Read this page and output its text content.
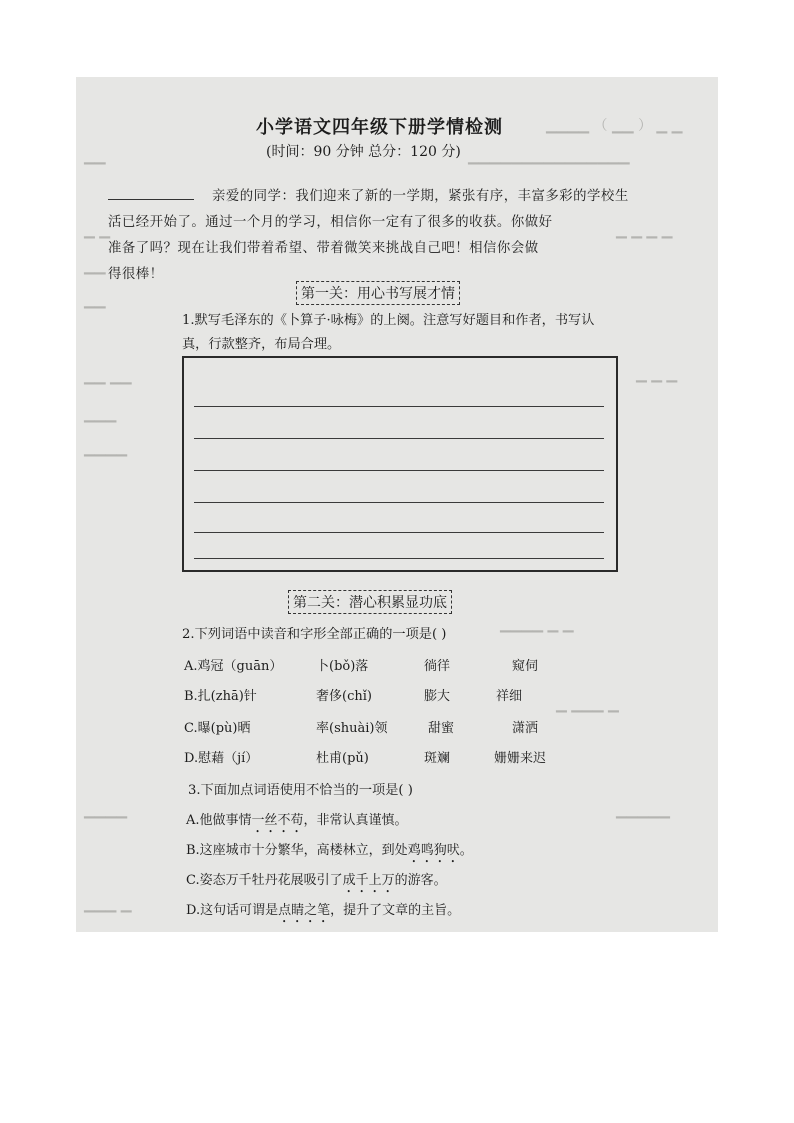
▁▁▁▁ （ ▁▁ ） ▁ ▁
▁▁▁▁▁▁▁▁▁▁▁▁▁▁▁
▁▁
▁ ▁
▁▁
▁▁
▁ ▁ ▁ ▁
▁▁ ▁▁	▁ ▁ ▁
▁▁▁
▁▁▁▁
▁▁▁▁ ▁ ▁
▁ ▁▁▁ ▁
▁▁▁▁	▁▁▁▁▁
▁▁▁ ▁
小学语文四年级下册学情检测
(时间：90 分钟 总分：120 分)
亲爱的同学：我们迎来了新的一学期，紧张有序，丰富多彩的学校生
活已经开始了。通过一个月的学习，相信你一定有了很多的收获。你做好
准备了吗？现在让我们带着希望、带着微笑来挑战自己吧！相信你会做
得很棒！
第一关：用心书写展才情
1.默写毛泽东的《卜算子·咏梅》的上阕。注意写好题目和作者，书写认
真，行款整齐，布局合理。
第二关：潜心积累显功底
2.下列词语中读音和字形全部正确的一项是( )
A.鸡冠（guān）	卜(bǒ)落	徜徉	窥伺
B.扎(zhā)针	奢侈(chǐ)	膨大	祥细
C.曝(pù)晒	率(shuài)领	甜蜜	潇洒
D.慰藉（jí）	杜甫(pǔ)	斑斓	姗姗来迟
3.下面加点词语使用不恰当的一项是( )
A.他做事情一丝不苟，非常认真谨慎。
B.这座城市十分繁华，高楼林立，到处鸡鸣狗吠。
C.姿态万千牡丹花展吸引了成千上万的游客。
D.这句话可谓是点睛之笔，提升了文章的主旨。
